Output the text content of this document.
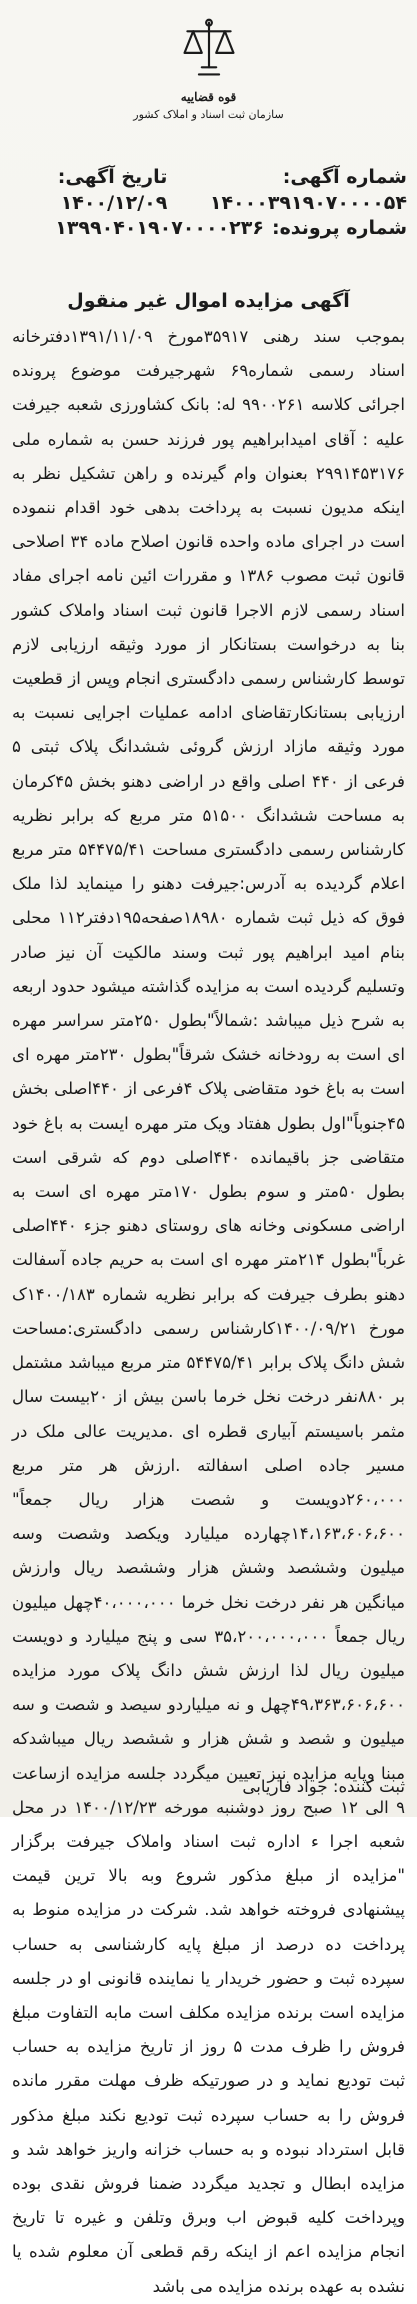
قوه قضاییه
سازمان ثبت اسناد و املاک کشور
شماره آگهی: ۱۴۰۰۰۳۹۱۹۰۷۰۰۰۰۵۴
تاریخ آگهی: ۱۴۰۰/۱۲/۰۹
شماره پرونده:
۱۳۹۹۰۴۰۱۹۰۷۰۰۰۰۲۳۶
آگهی مزایده اموال غیر منقول

بموجب سند رهنی ۳۵۹۱۷مورخ ۱۳۹۱/۱۱/۰۹دفترخانه اسناد رسمی شماره۶۹ شهرجیرفت موضوع پرونده اجرائی کلاسه ۹۹۰۰۲۶۱ له: بانک کشاورزی شعبه جیرفت علیه : آقای امیدابراهیم پور فرزند حسن به شماره ملی ۲۹۹۱۴۵۳۱۷۶ بعنوان وام گیرنده و راهن تشکیل نظر به اینکه مدیون نسبت به پرداخت بدهی خود اقدام ننموده است در اجرای ماده واحده قانون اصلاح ماده ۳۴ اصلاحی قانون ثبت مصوب ۱۳۸۶ و مقررات ائین نامه اجرای مفاد اسناد رسمی لازم الاجرا قانون ثبت اسناد واملاک کشور بنا به درخواست بستانکار از مورد وثیقه ارزیابی لازم توسط کارشناس رسمی دادگستری انجام وپس از قطعیت ارزیابی بستانکارتقاضای ادامه عملیات اجرایی نسبت به مورد وثیقه مازاد ارزش گروئی ششدانگ پلاک ثبتی ۵ فرعی از ۴۴۰ اصلی واقع در اراضی دهنو بخش ۴۵کرمان به مساحت ششدانگ ۵۱۵۰۰ متر مربع که برابر نظریه کارشناس رسمی دادگستری مساحت ۵۴۴۷۵/۴۱ متر مربع اعلام گردیده به آدرس:جیرفت دهنو را مینماید لذا ملک فوق که ذیل ثبت شماره ۱۸۹۸۰صفحه۱۹۵دفتر۱۱۲ محلی بنام امید ابراهیم پور ثبت وسند مالکیت آن نیز صادر وتسلیم گردیده است به مزایده گذاشته میشود حدود اربعه به شرح ذیل میباشد :شمالاً"بطول ۲۵۰متر سراسر مهره ای است به رودخانه خشک شرقاً"بطول ۲۳۰متر مهره ای است به باغ خود متقاضی پلاک ۴فرعی از ۴۴۰اصلی بخش ۴۵جنوباً"اول بطول هفتاد ویک متر مهره ایست به باغ خود متقاضی جز باقیمانده ۴۴۰اصلی دوم که شرقی است بطول ۵۰متر و سوم بطول ۱۷۰متر مهره ای است به اراضی مسکونی وخانه های روستای دهنو جزء ۴۴۰اصلی غرباً"بطول ۲۱۴متر مهره ای است به حریم جاده آسفالت دهنو بطرف جیرفت که برابر نظریه شماره ۱۴۰۰/۱۸۳ک مورخ ۱۴۰۰/۰۹/۲۱کارشناس رسمی دادگستری:مساحت شش دانگ پلاک برابر ۵۴۴۷۵/۴۱ متر مربع میباشد مشتمل بر ۸۸۰نفر درخت نخل خرما باسن بیش از ۲۰بیست سال مثمر باسیستم آبیاری قطره ای .مدیریت عالی ملک در مسیر جاده اصلی اسفالته .ارزش هر متر مربع ۲۶۰،۰۰۰دویست و شصت هزار ریال جمعاً" ۱۴،۱۶۳،۶۰۶،۶۰۰چهارده میلیارد ویکصد وشصت وسه میلیون وششصد وشش هزار وششصد ریال وارزش میانگین هر نفر درخت نخل خرما ۴۰،۰۰۰،۰۰۰چهل میلیون ریال جمعاً ۳۵،۲۰۰،۰۰۰،۰۰۰ سی و پنج میلیارد و دویست میلیون ریال لذا ارزش شش دانگ پلاک مورد مزایده ۴۹،۳۶۳،۶۰۶،۶۰۰چهل و نه میلیاردو سیصد و شصت و سه میلیون و شصد و شش هزار و ششصد ریال میباشدکه مبنا وپایه مزایده نیز تعیین میگردد جلسه مزایده ازساعت ۹ الی ۱۲ صبح روز دوشنبه مورخه ۱۴۰۰/۱۲/۲۳ در محل شعبه اجرا ء اداره ثبت اسناد واملاک جیرفت برگزار "مزایده از مبلغ مذکور شروع وبه بالا ترین قیمت پیشنهادی فروخته خواهد شد. شرکت در مزایده منوط به پرداخت ده درصد از مبلغ پایه کارشناسی به حساب سپرده ثبت و حضور خریدار یا نماینده قانونی او در جلسه مزایده است برنده مزایده مکلف است مابه التفاوت مبلغ فروش را ظرف مدت ۵ روز از تاریخ مزایده به حساب ثبت تودیع نماید و در صورتیکه ظرف مهلت مقرر مانده فروش را به حساب سپرده ثبت تودیع نکند مبلغ مذکور قابل استرداد نبوده و به حساب خزانه واریز خواهد شد و مزایده ابطال و تجدید میگردد ضمنا فروش نقدی بوده وپرداخت کلیه قبوض اب وبرق وتلفن و غیره تا تاریخ انجام مزایده اعم از اینکه رقم قطعی آن معلوم شده یا نشده به عهده برنده مزایده می باشد

ثبت کننده: جواد فاریابی
